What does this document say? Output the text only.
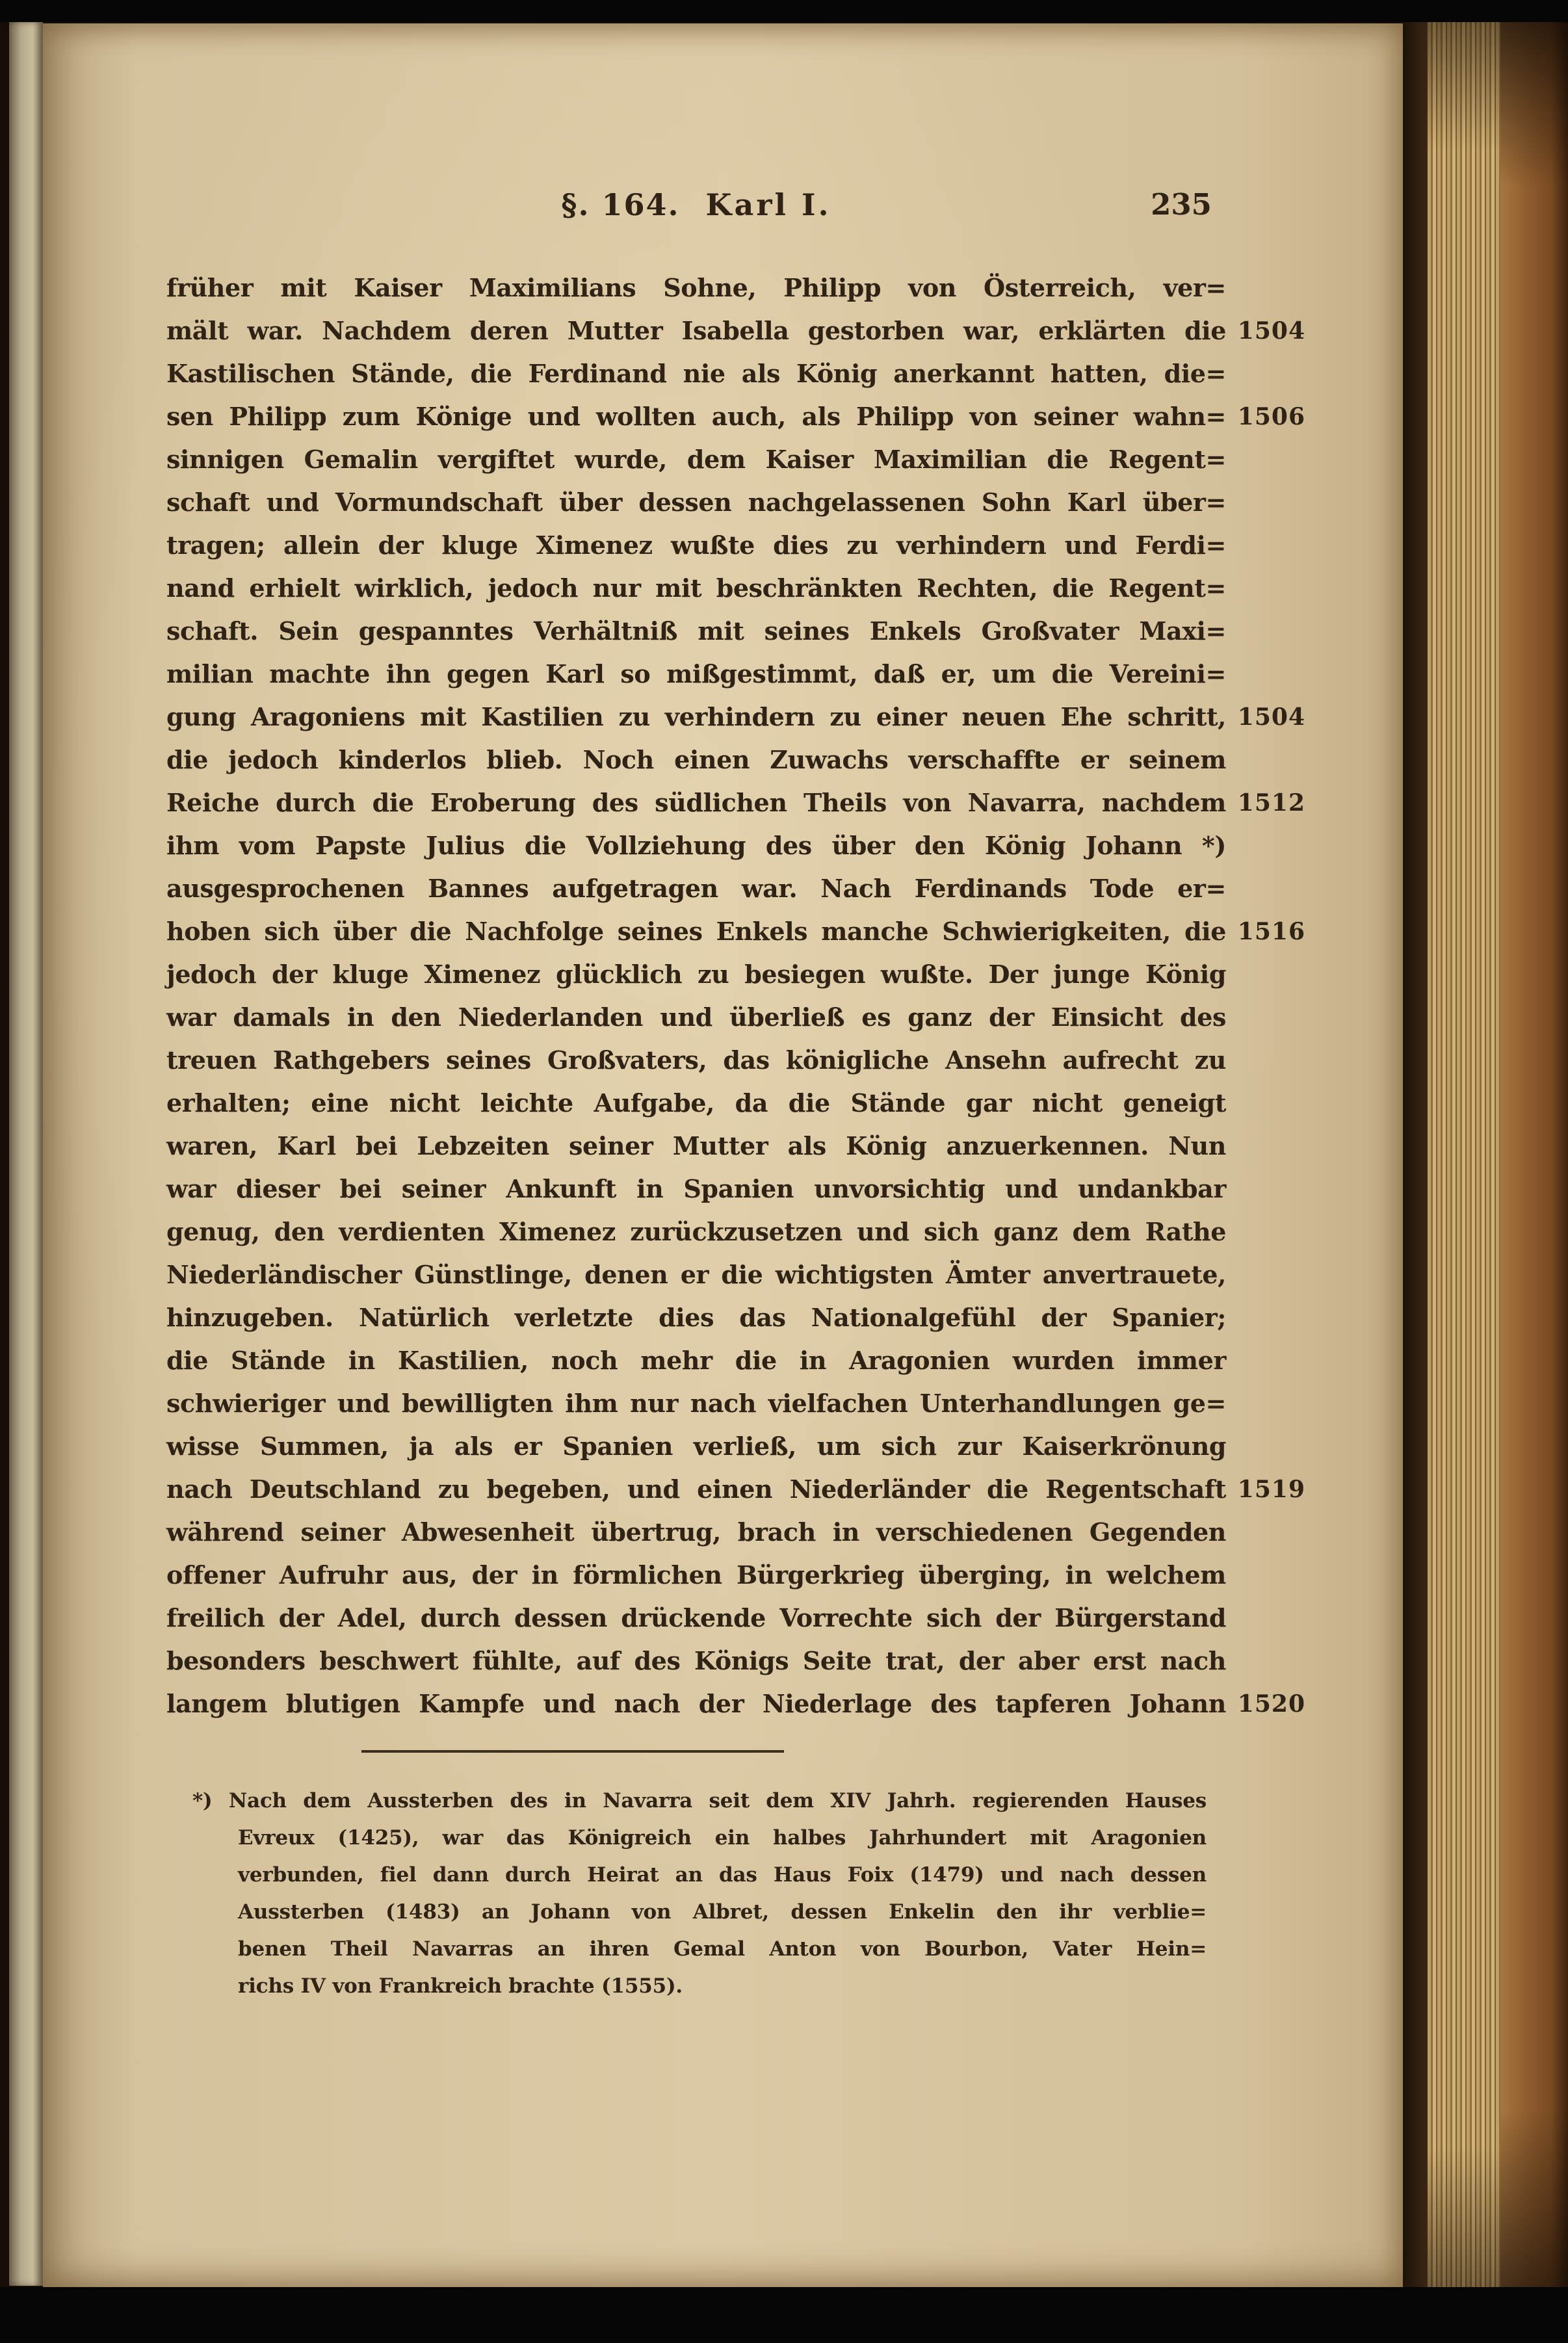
§. 164. Karl I.	235
früher mit Kaiser Maximilians Sohne, Philipp von Österreich, ver=
mält war. Nachdem deren Mutter Isabella gestorben war, erklärten die 1504
Kastilischen Stände, die Ferdinand nie als König anerkannt hatten, die=
sen Philipp zum Könige und wollten auch, als Philipp von seiner wahn= 1506
sinnigen Gemalin vergiftet wurde, dem Kaiser Maximilian die Regent=
schaft und Vormundschaft über dessen nachgelassenen Sohn Karl über=
tragen; allein der kluge Ximenez wußte dies zu verhindern und Ferdi=
nand erhielt wirklich, jedoch nur mit beschränkten Rechten, die Regent=
schaft. Sein gespanntes Verhältniß mit seines Enkels Großvater Maxi=
milian machte ihn gegen Karl so mißgestimmt, daß er, um die Vereini=
gung Aragoniens mit Kastilien zu verhindern zu einer neuen Ehe schritt, 1504
die jedoch kinderlos blieb. Noch einen Zuwachs verschaffte er seinem
Reiche durch die Eroberung des südlichen Theils von Navarra, nachdem 1512
ihm vom Papste Julius die Vollziehung des über den König Johann *)
ausgesprochenen Bannes aufgetragen war. Nach Ferdinands Tode er=
hoben sich über die Nachfolge seines Enkels manche Schwierigkeiten, die 1516
jedoch der kluge Ximenez glücklich zu besiegen wußte. Der junge König
war damals in den Niederlanden und überließ es ganz der Einsicht des
treuen Rathgebers seines Großvaters, das königliche Ansehn aufrecht zu
erhalten; eine nicht leichte Aufgabe, da die Stände gar nicht geneigt
waren, Karl bei Lebzeiten seiner Mutter als König anzuerkennen. Nun
war dieser bei seiner Ankunft in Spanien unvorsichtig und undankbar
genug, den verdienten Ximenez zurückzusetzen und sich ganz dem Rathe
Niederländischer Günstlinge, denen er die wichtigsten Ämter anvertrauete,
hinzugeben. Natürlich verletzte dies das Nationalgefühl der Spanier;
die Stände in Kastilien, noch mehr die in Aragonien wurden immer
schwieriger und bewilligten ihm nur nach vielfachen Unterhandlungen ge=
wisse Summen, ja als er Spanien verließ, um sich zur Kaiserkrönung
nach Deutschland zu begeben, und einen Niederländer die Regentschaft 1519
während seiner Abwesenheit übertrug, brach in verschiedenen Gegenden
offener Aufruhr aus, der in förmlichen Bürgerkrieg überging, in welchem
freilich der Adel, durch dessen drückende Vorrechte sich der Bürgerstand
besonders beschwert fühlte, auf des Königs Seite trat, der aber erst nach
langem blutigen Kampfe und nach der Niederlage des tapferen Johann 1520
*) Nach dem Aussterben des in Navarra seit dem XIV Jahrh. regierenden Hauses
Evreux (1425), war das Königreich ein halbes Jahrhundert mit Aragonien
verbunden, fiel dann durch Heirat an das Haus Foix (1479) und nach dessen
Aussterben (1483) an Johann von Albret, dessen Enkelin den ihr verblie=
benen Theil Navarras an ihren Gemal Anton von Bourbon, Vater Hein=
richs IV von Frankreich brachte (1555).
